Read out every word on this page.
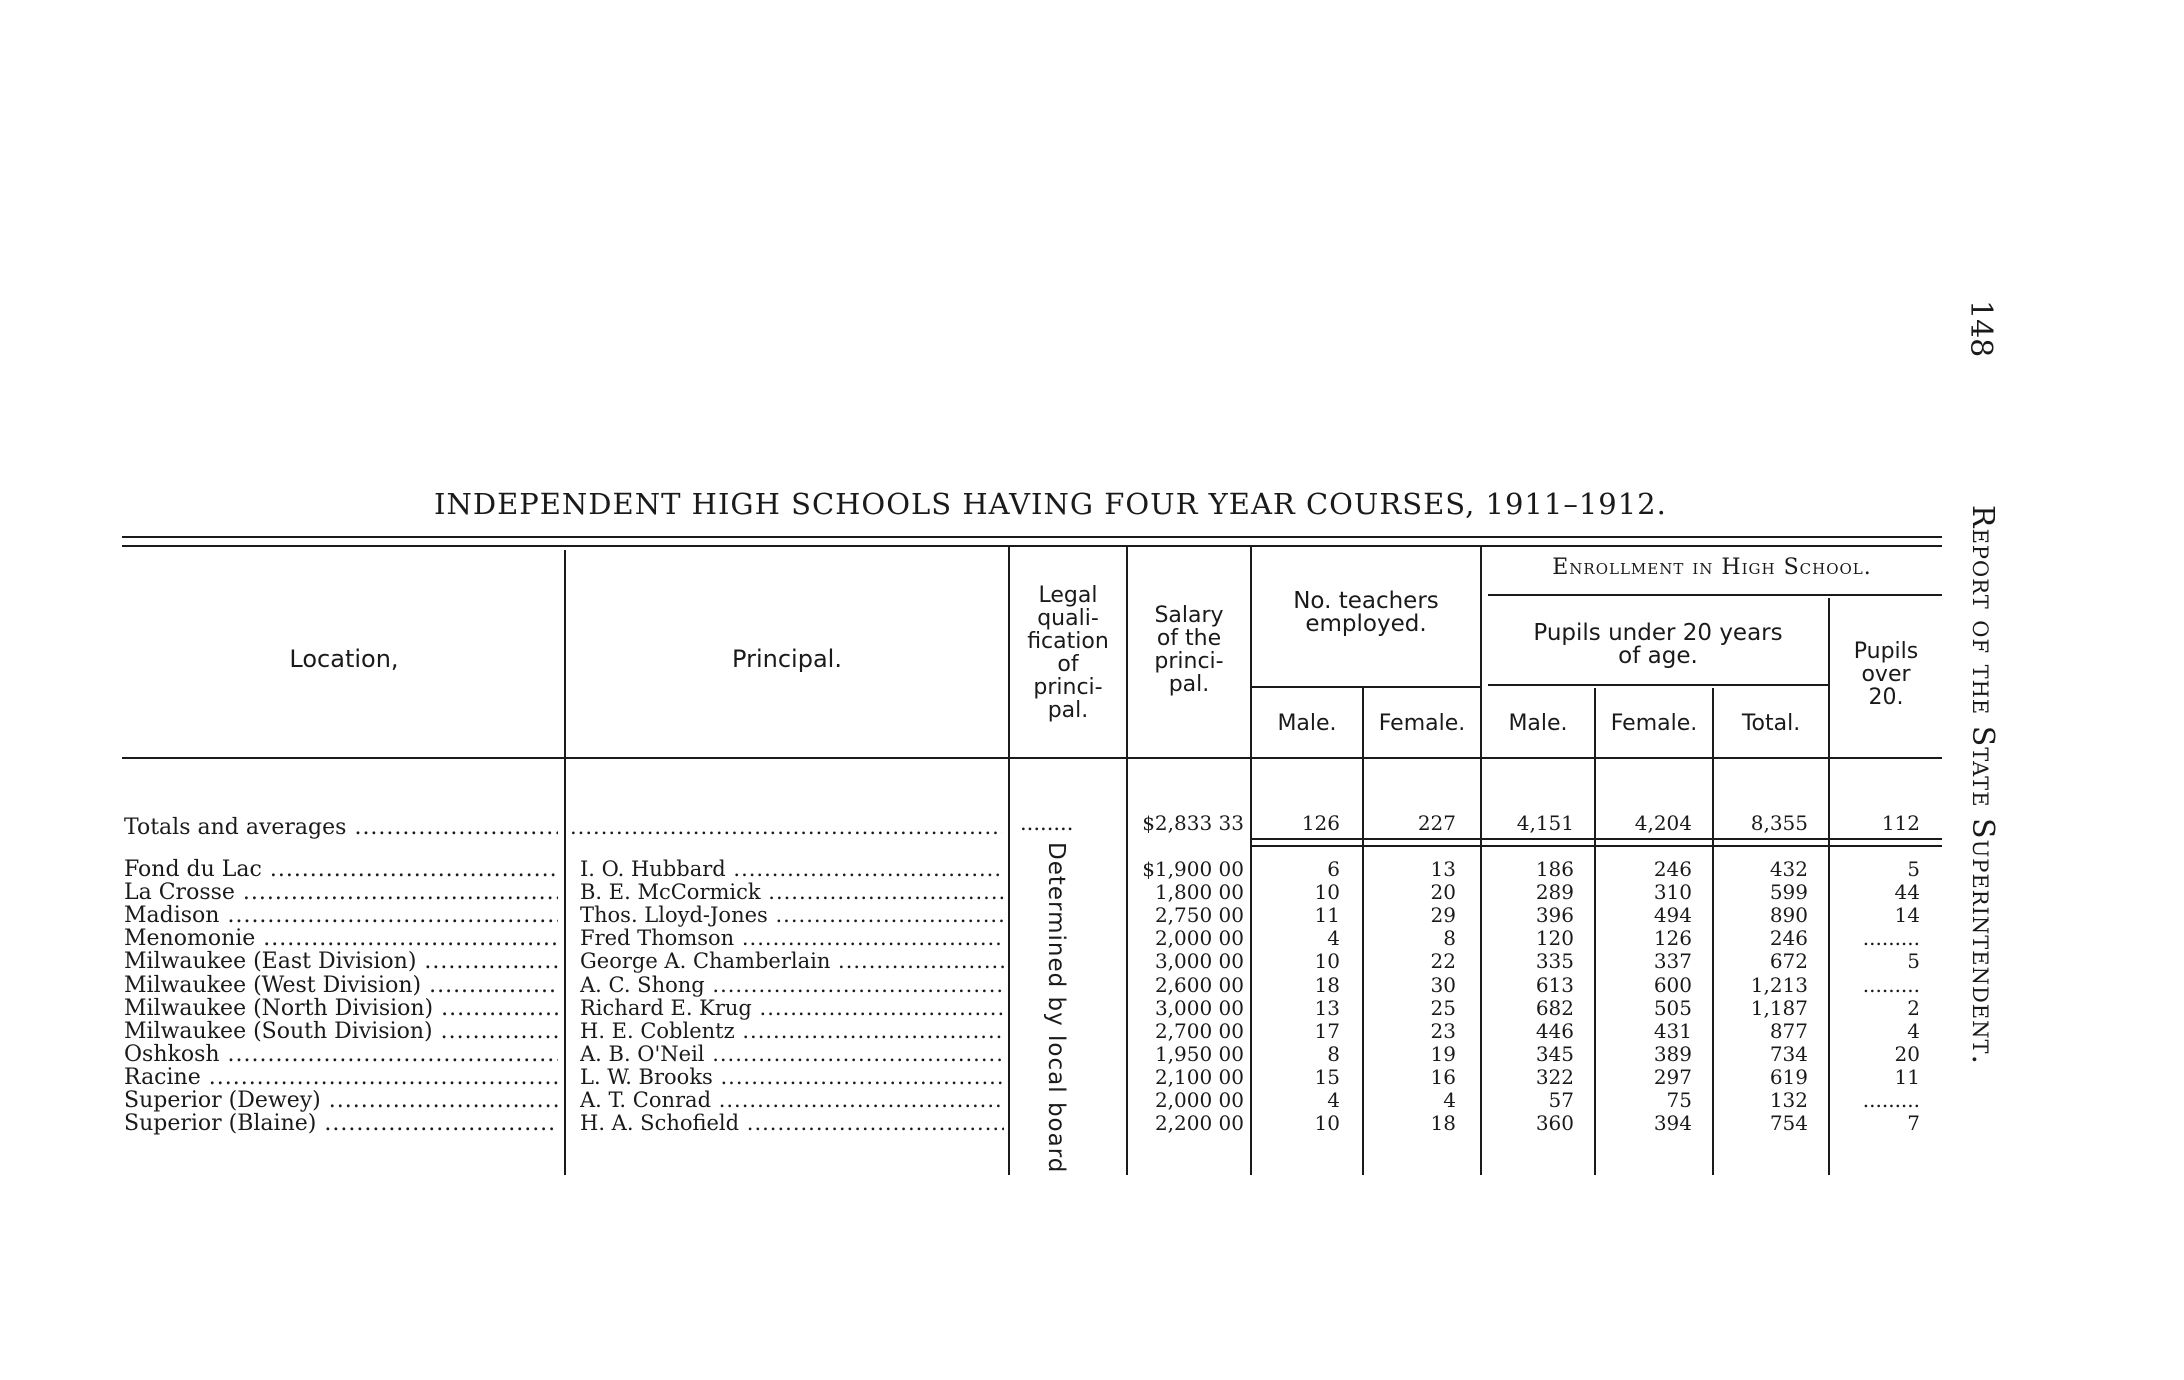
148
Report of the State Superintendent.
INDEPENDENT HIGH SCHOOLS HAVING FOUR YEAR COURSES, 1911–1912.
Location,	Principal.
Legal
quali-
fication
of
princi-
pal.
Salary
of the
princi-
pal.
No. teachers
employed.
Male.	Female.
Enrollment in High School.
Pupils under 20 years
of age.
Male.	Female.	Total.
Pupils
over
20.
Totals and averages .....
.....	........	$2,833 33	126	227	4,151	4,204	8,355	112
Determined by local board
Fond du Lac .....	I. O. Hubbard .....	$1,900 00	6	13	186	246	432	5
La Crosse .....	B. E. McCormick .....	1,800 00	10	20	289	310	599	44
Madison .....	Thos. Lloyd-Jones .....	2,750 00	11	29	396	494	890	14
Menomonie .....	Fred Thomson .....	2,000 00	4	8	120	126	246	.........
Milwaukee (East Division) .....	George A. Chamberlain .....	3,000 00	10	22	335	337	672	5
Milwaukee (West Division) .....	A. C. Shong .....	2,600 00	18	30	613	600	1,213	.........
Milwaukee (North Division) .....	Richard E. Krug .....	3,000 00	13	25	682	505	1,187	2
Milwaukee (South Division) .....	H. E. Coblentz .....	2,700 00	17	23	446	431	877	4
Oshkosh .....	A. B. O'Neil .....	1,950 00	8	19	345	389	734	20
Racine .....	L. W. Brooks .....	2,100 00	15	16	322	297	619	11
Superior (Dewey) .....	A. T. Conrad .....	2,000 00	4	4	57	75	132	.........
Superior (Blaine) .....	H. A. Schofield .....	2,200 00	10	18	360	394	754	7
